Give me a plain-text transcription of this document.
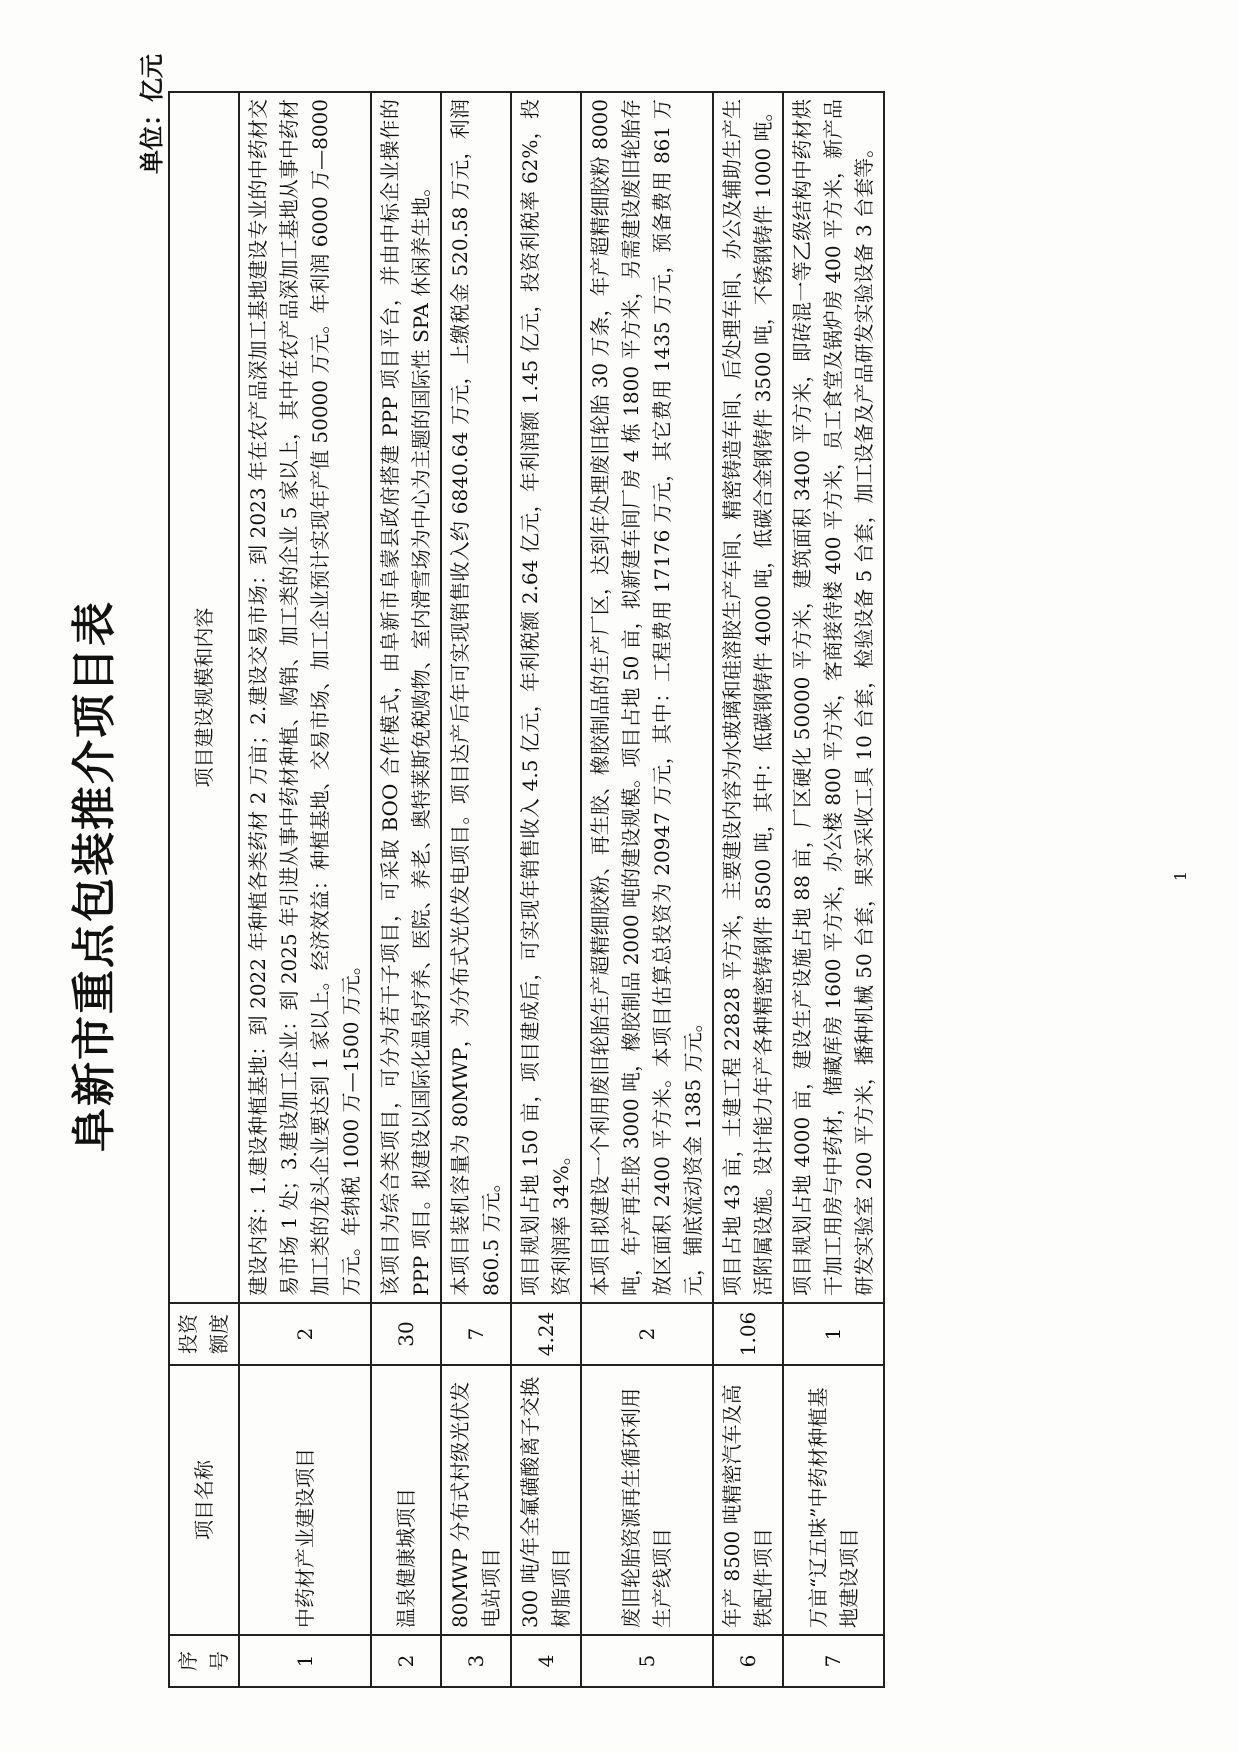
阜新市重点包装推介项目表
单位：亿元
序号	项目名称	投资额度	项目建设规模和内容
1	中药材产业建设项目	2	建设内容：1.建设种植基地：到 2022 年种植各类药材 2 万亩；2.建设交易市场：到 2023 年在农产品深加工基地建设专业的中药材交易市场 1 处；3.建设加工企业：到 2025 年引进从事中药材种植、购销、加工类的企业 5 家以上，其中在农产品深加工基地从事中药材加工类的龙头企业要达到 1 家以上。经济效益：种植基地、交易市场、加工企业预计实现年产值 50000 万元。年利润 6000 万—8000 万元。年纳税 1000 万—1500 万元。
2	温泉健康城项目	30	该项目为综合类项目，可分为若干子项目，可采取 BOO 合作模式，由阜新市阜蒙县政府搭建 PPP 项目平台，并由中标企业操作的 PPP 项目。拟建设以国际化温泉疗养、医院、养老、奥特莱斯免税购物、室内滑雪场为中心为主题的国际性 SPA 休闲养生地。
3	80MWP 分布式村级光伏发电站项目	7	本项目装机容量为 80MWP，为分布式光伏发电项目。项目达产后年可实现销售收入约 6840.64 万元，上缴税金 520.58 万元，利润 860.5 万元。
4	300 吨/年全氟磺酸离子交换树脂项目	4.24	项目规划占地 150 亩，项目建成后，可实现年销售收入 4.5 亿元，年利税额 2.64 亿元，年利润额 1.45 亿元，投资利税率 62%，投资利润率 34%。
5	废旧轮胎资源再生循环利用生产线项目	2	本项目拟建设一个利用废旧轮胎生产超精细胶粉、再生胶、橡胶制品的生产厂区，达到年处理废旧轮胎 30 万条，年产超精细胶粉 8000 吨，年产再生胶 3000 吨，橡胶制品 2000 吨的建设规模。项目占地 50 亩，拟新建车间厂房 4 栋 1800 平方米，另需建设废旧轮胎存放区面积 2400 平方米。本项目估算总投资为 20947 万元，其中：工程费用 17176 万元，其它费用 1435 万元，预备费用 861 万元，铺底流动资金 1385 万元。
6	年产 8500 吨精密汽车及高铁配件项目	1.06	项目占地 43 亩，土建工程 22828 平方米，主要建设内容为水玻璃和硅溶胶生产车间、精密铸造车间、后处理车间、办公及辅助生产生活附属设施。设计能力年产各种精密铸钢件 8500 吨，其中：低碳钢铸件 4000 吨，低碳合金钢铸件 3500 吨，不锈钢铸件 1000 吨。
7	万亩“辽五味”中药材种植基地建设项目	1	项目规划占地 4000 亩，建设生产设施占地 88 亩，厂区硬化 50000 平方米，建筑面积 3400 平方米，即砖混一等乙级结构中药材烘干加工用房与中药材，储藏库房 1600 平方米，办公楼 800 平方米，客商接待楼 400 平方米，员工食堂及锅炉房 400 平方米，新产品研发实验室 200 平方米，播种机械 50 台套，果实采收工具 10 台套，检验设备 5 台套，加工设备及产品研发实验设备 3 台套等。	1
